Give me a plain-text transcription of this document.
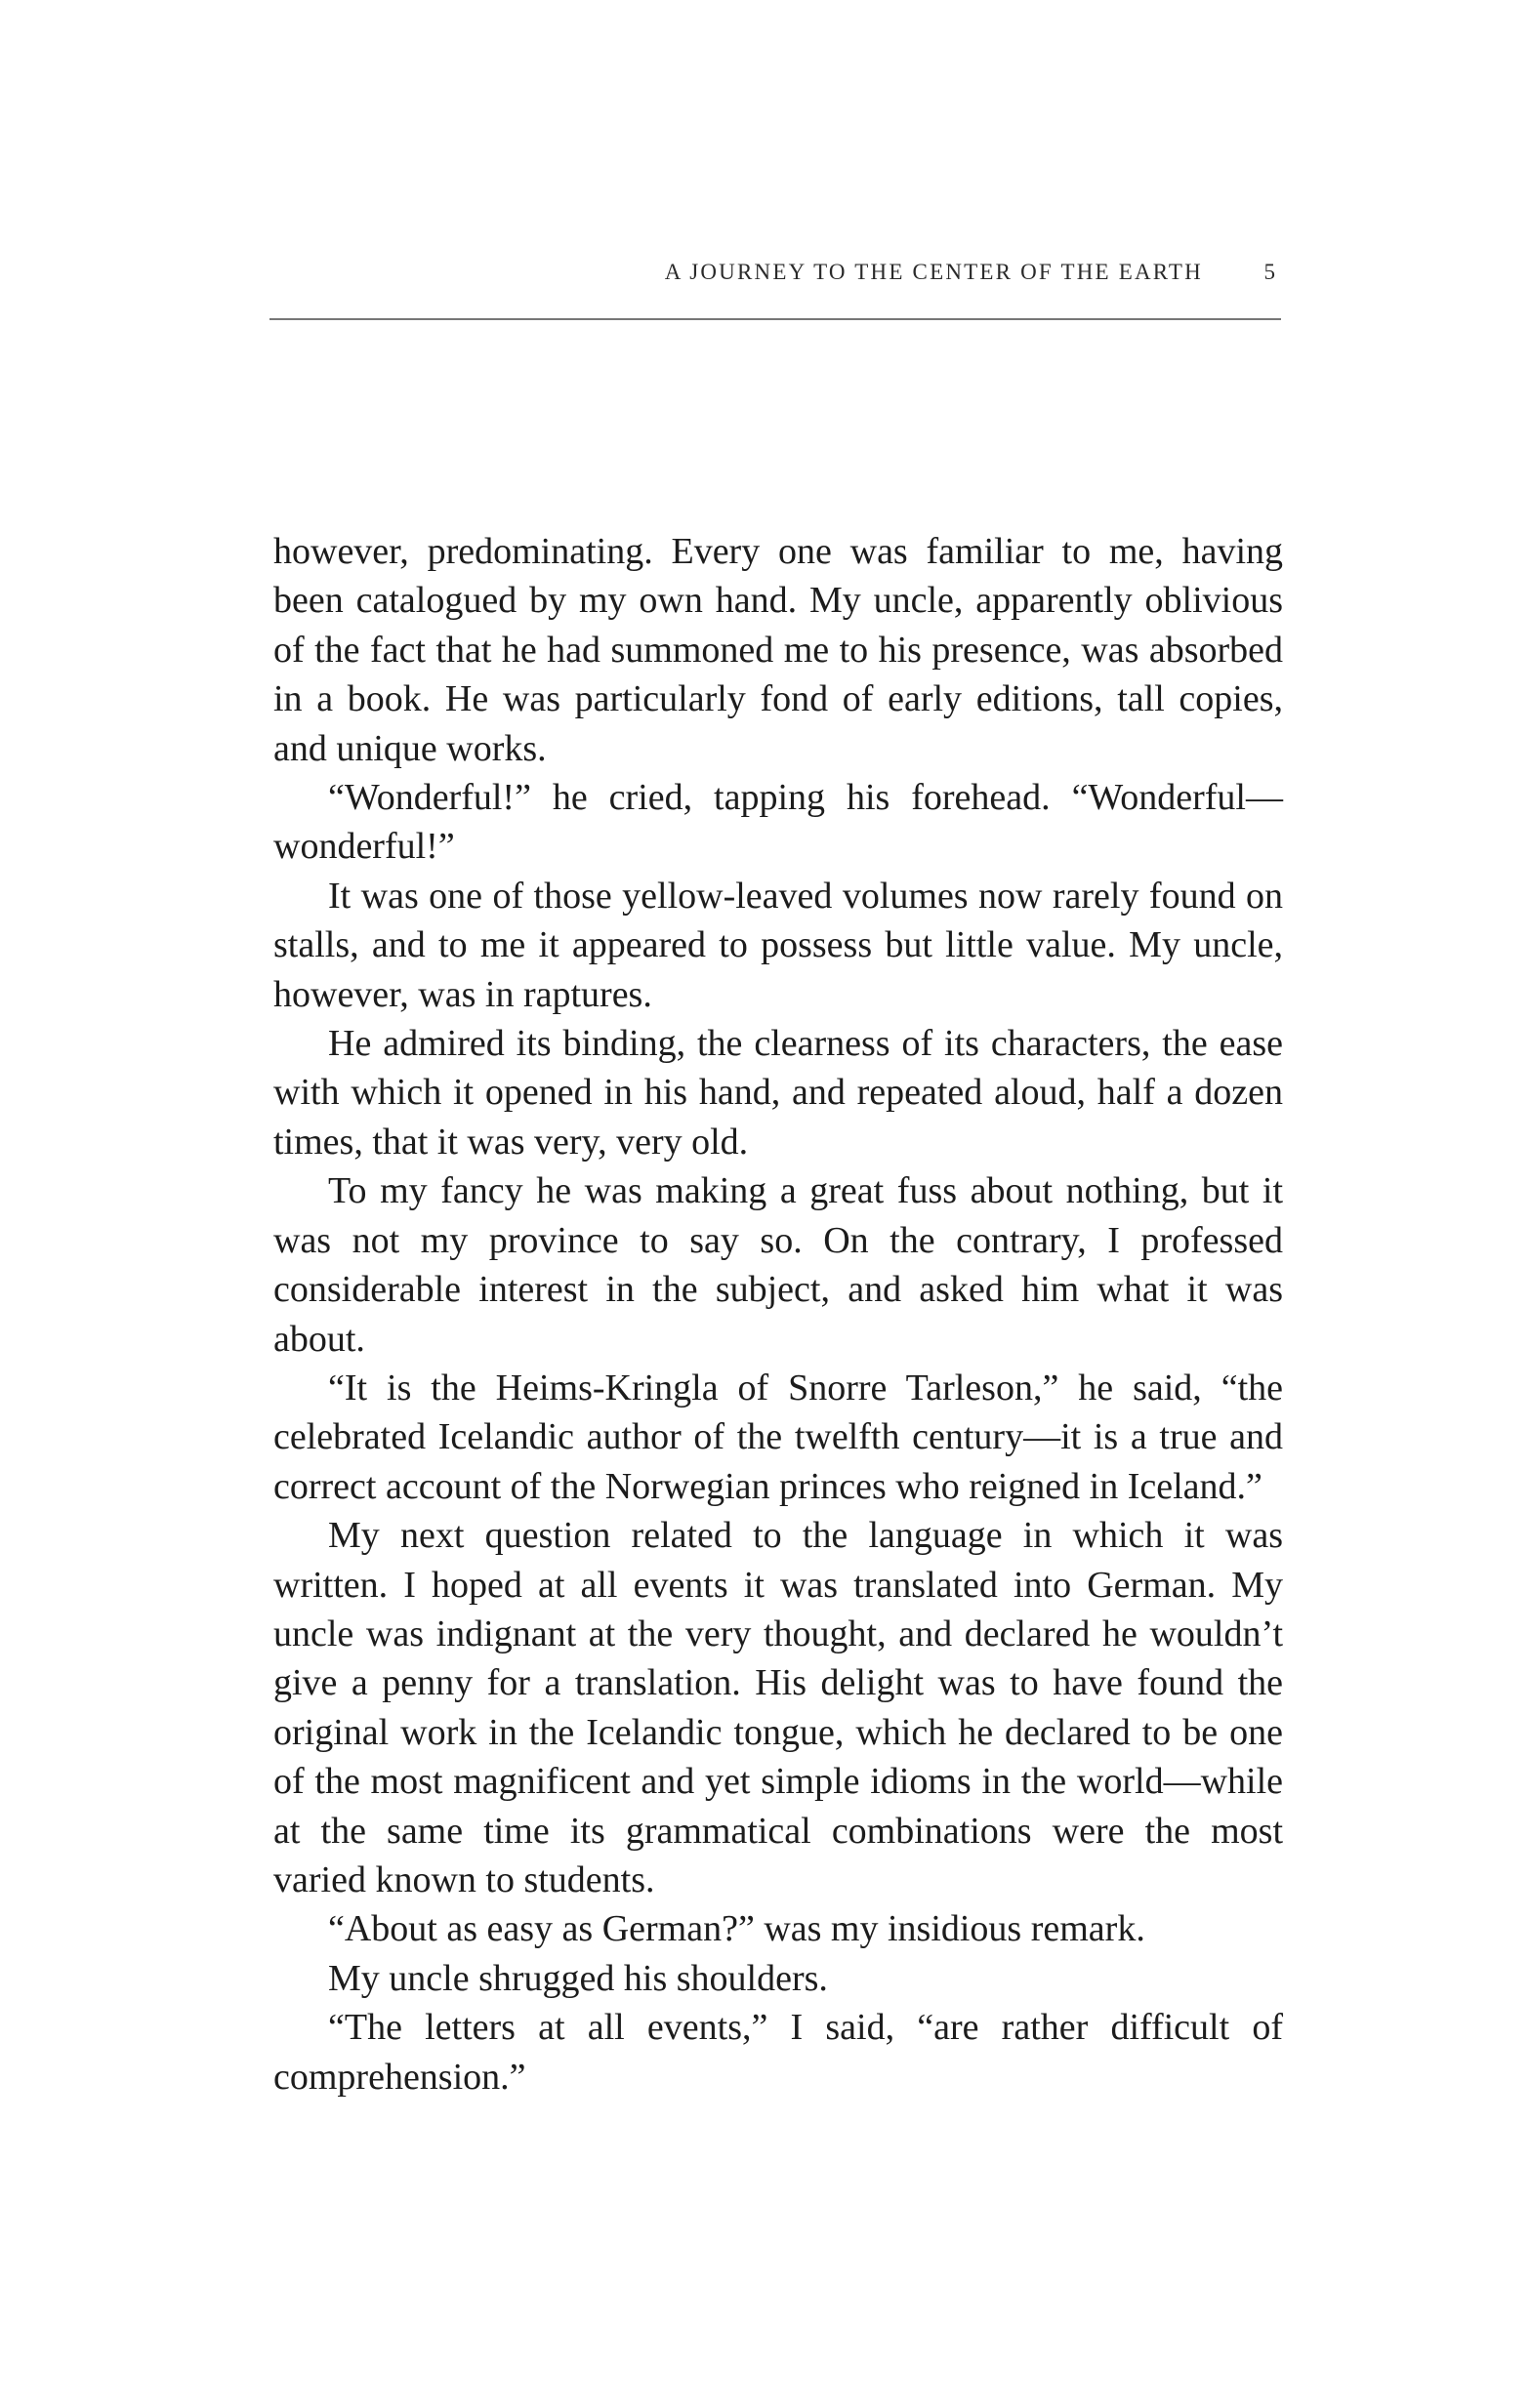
A JOURNEY TO THE CENTER OF THE EARTH	5

however, predominating. Every one was familiar to me, having been catalogued by my own hand. My uncle, apparently oblivious of the fact that he had summoned me to his presence, was absorbed in a book. He was particularly fond of early editions, tall copies, and unique works.

“Wonderful!” he cried, tapping his forehead. “Wonderful—wonderful!”

It was one of those yellow-leaved volumes now rarely found on stalls, and to me it appeared to possess but little value. My uncle, however, was in raptures.

He admired its binding, the clearness of its characters, the ease with which it opened in his hand, and repeated aloud, half a dozen times, that it was very, very old.

To my fancy he was making a great fuss about nothing, but it was not my province to say so. On the contrary, I professed considerable interest in the subject, and asked him what it was about.

“It is the Heims-Kringla of Snorre Tarleson,” he said, “the celebrated Icelandic author of the twelfth century—it is a true and correct account of the Norwegian princes who reigned in Iceland.”

My next question related to the language in which it was written. I hoped at all events it was translated into German. My uncle was indignant at the very thought, and declared he wouldn’t give a penny for a translation. His delight was to have found the original work in the Icelandic tongue, which he declared to be one of the most magnificent and yet simple idioms in the world—while at the same time its grammatical combinations were the most varied known to students.

“About as easy as German?” was my insidious remark.

My uncle shrugged his shoulders.

“The letters at all events,” I said, “are rather difficult of comprehension.”
